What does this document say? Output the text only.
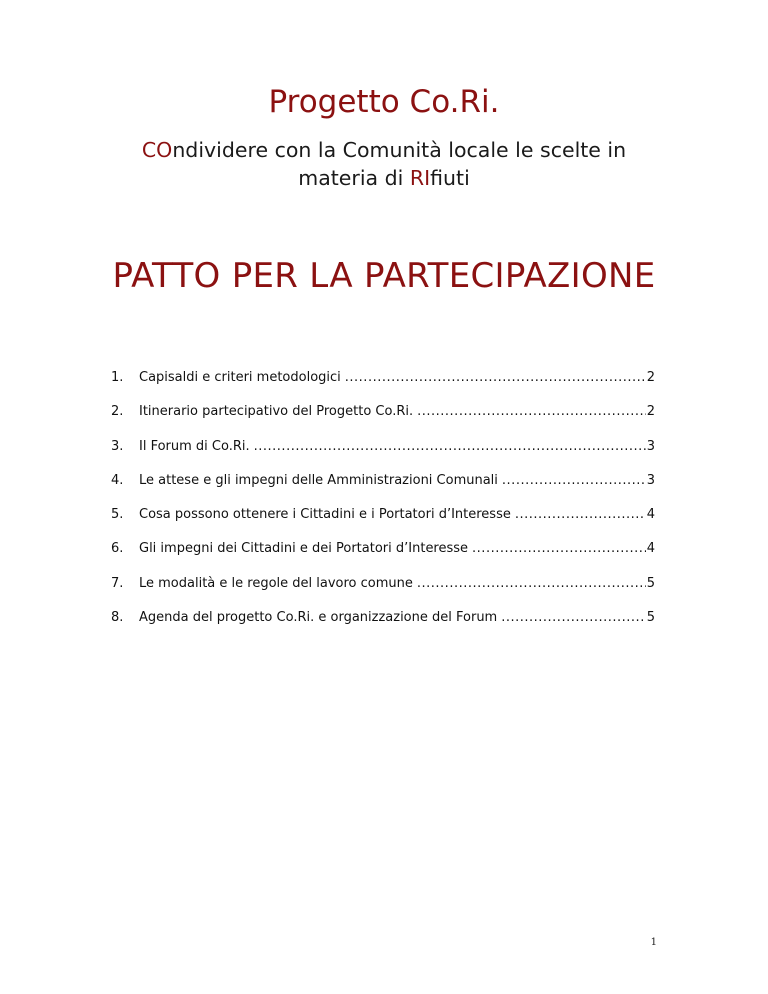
Progetto Co.Ri.
COndividere con la Comunità locale le scelte in
materia di RIfiuti
PATTO PER LA PARTECIPAZIONE
1.	Capisaldi e criteri metodologici .....	2
2.	Itinerario partecipativo del Progetto Co.Ri. .....	2
3.	Il Forum di Co.Ri. .....	3
4.	Le attese e gli impegni delle Amministrazioni Comunali .....	3
5.	Cosa possono ottenere i Cittadini e i Portatori d’Interesse .....	4
6.	Gli impegni dei Cittadini e dei Portatori d’Interesse .....	4
7.	Le modalità e le regole del lavoro comune .....	5
8.	Agenda del progetto Co.Ri. e organizzazione del Forum .....	5
1
